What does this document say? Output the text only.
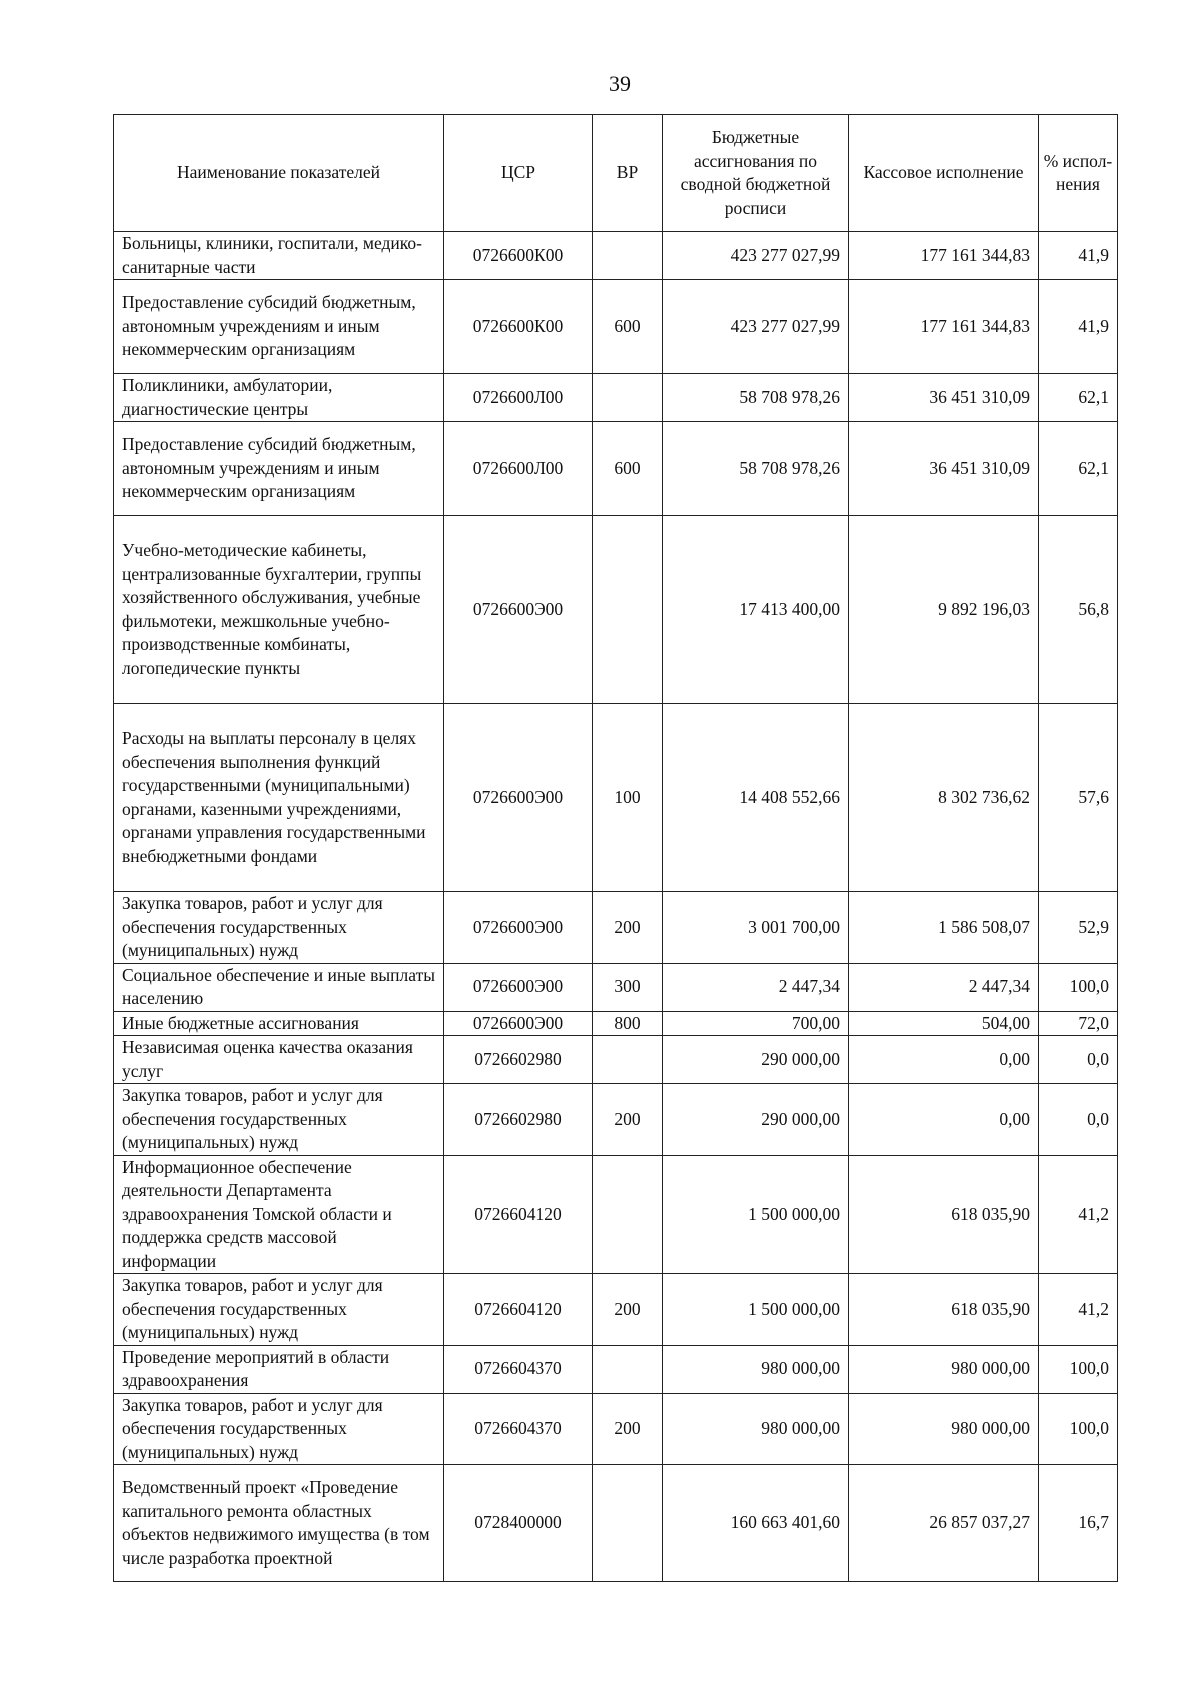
39
Наименование показателей	ЦСР	ВР	Бюджетные ассигнования по сводной бюджетной росписи	Кассовое исполнение	% испол-нения
Больницы, клиники, госпитали, медико-санитарные части	0726600К00		423 277 027,99	177 161 344,83	41,9
Предоставление субсидий бюджетным, автономным учреждениям и иным некоммерческим организациям	0726600К00	600	423 277 027,99	177 161 344,83	41,9
Поликлиники, амбулатории, диагностические центры	0726600Л00		58 708 978,26	36 451 310,09	62,1
Предоставление субсидий бюджетным, автономным учреждениям и иным некоммерческим организациям	0726600Л00	600	58 708 978,26	36 451 310,09	62,1
Учебно-методические кабинеты, централизованные бухгалтерии, группы хозяйственного обслуживания, учебные фильмотеки, межшкольные учебно-производственные комбинаты, логопедические пункты	0726600Э00		17 413 400,00	9 892 196,03	56,8
Расходы на выплаты персоналу в целях обеспечения выполнения функций государственными (муниципальными) органами, казенными учреждениями, органами управления государственными внебюджетными фондами	0726600Э00	100	14 408 552,66	8 302 736,62	57,6
Закупка товаров, работ и услуг для обеспечения государственных (муниципальных) нужд	0726600Э00	200	3 001 700,00	1 586 508,07	52,9
Социальное обеспечение и иные выплаты населению	0726600Э00	300	2 447,34	2 447,34	100,0
Иные бюджетные ассигнования	0726600Э00	800	700,00	504,00	72,0
Независимая оценка качества оказания услуг	0726602980		290 000,00	0,00	0,0
Закупка товаров, работ и услуг для обеспечения государственных (муниципальных) нужд	0726602980	200	290 000,00	0,00	0,0
Информационное обеспечение деятельности Департамента здравоохранения Томской области и поддержка средств массовой информации	0726604120		1 500 000,00	618 035,90	41,2
Закупка товаров, работ и услуг для обеспечения государственных (муниципальных) нужд	0726604120	200	1 500 000,00	618 035,90	41,2
Проведение мероприятий в области здравоохранения	0726604370		980 000,00	980 000,00	100,0
Закупка товаров, работ и услуг для обеспечения государственных (муниципальных) нужд	0726604370	200	980 000,00	980 000,00	100,0
Ведомственный проект «Проведение капитального ремонта областных объектов недвижимого имущества (в том числе разработка проектной	0728400000		160 663 401,60	26 857 037,27	16,7
